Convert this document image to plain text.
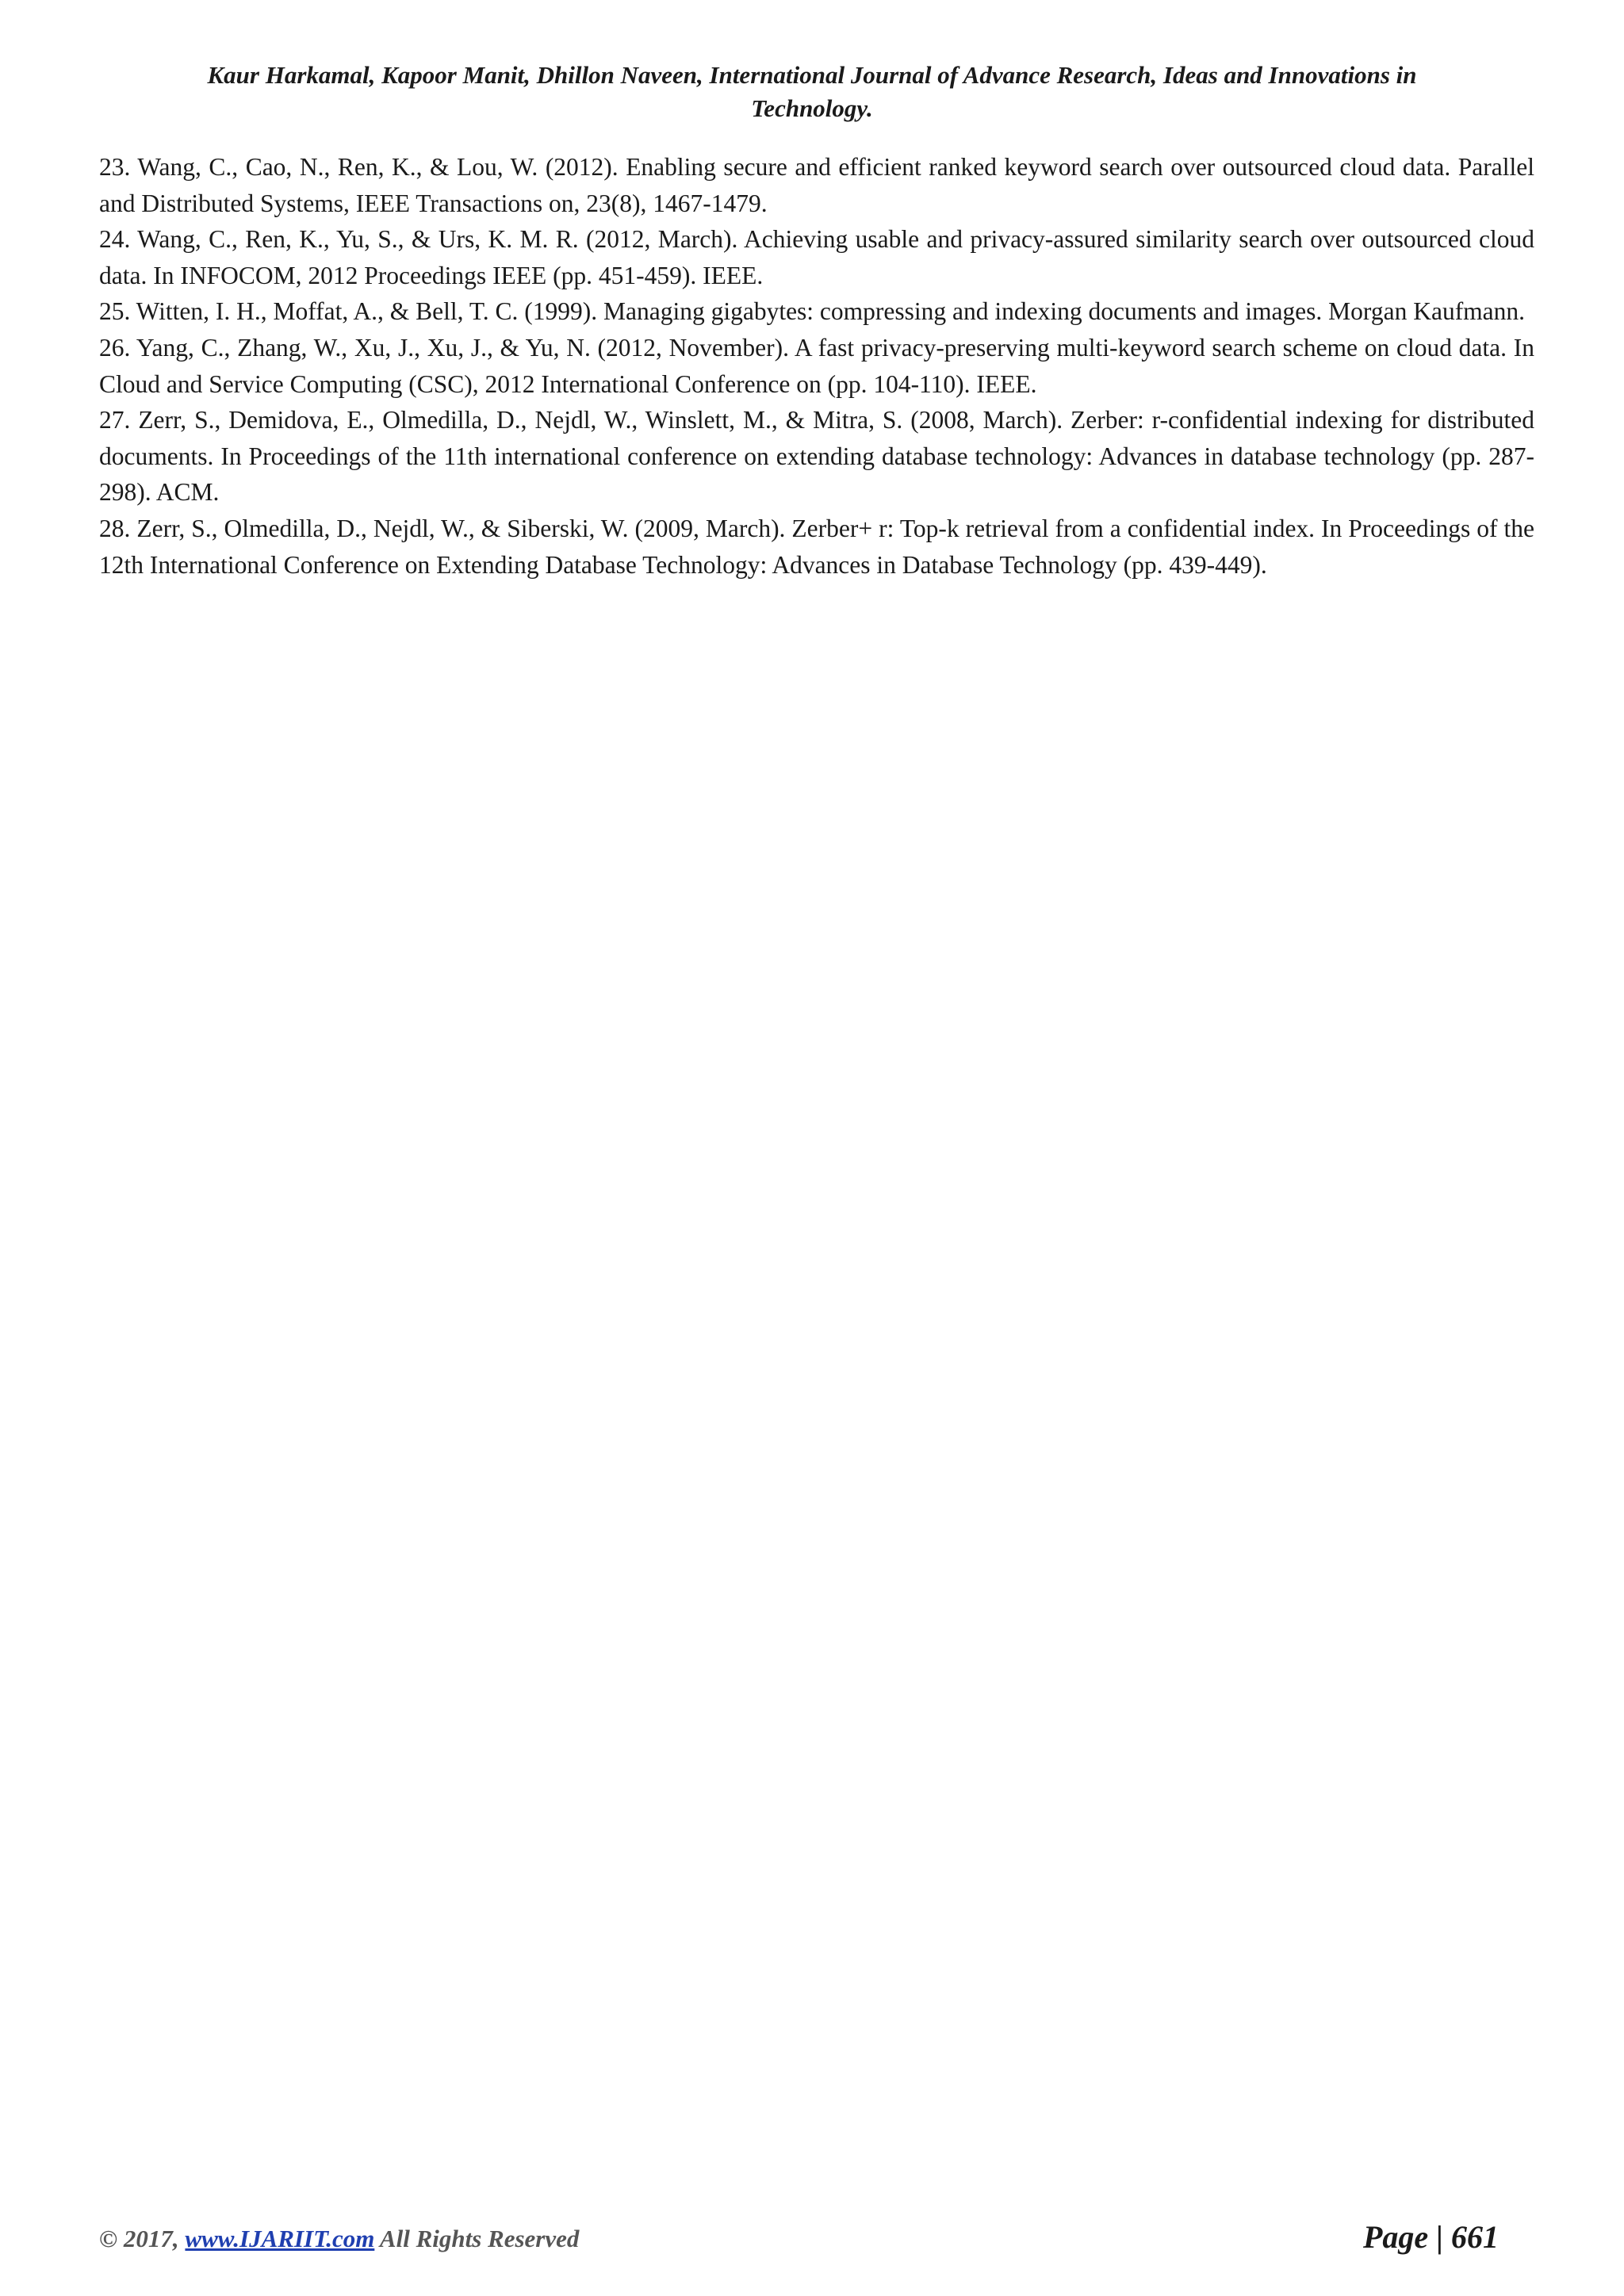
Kaur Harkamal, Kapoor Manit, Dhillon Naveen, International Journal of Advance Research, Ideas and Innovations in
Technology.

23. Wang, C., Cao, N., Ren, K., & Lou, W. (2012). Enabling secure and efficient ranked keyword search over outsourced cloud data. Parallel and Distributed Systems, IEEE Transactions on, 23(8), 1467-1479.

24. Wang, C., Ren, K., Yu, S., & Urs, K. M. R. (2012, March). Achieving usable and privacy-assured similarity search over outsourced cloud data. In INFOCOM, 2012 Proceedings IEEE (pp. 451-459). IEEE.

25. Witten, I. H., Moffat, A., & Bell, T. C. (1999). Managing gigabytes: compressing and indexing documents and images. Morgan Kaufmann.

26. Yang, C., Zhang, W., Xu, J., Xu, J., & Yu, N. (2012, November). A fast privacy-preserving multi-keyword search scheme on cloud data. In Cloud and Service Computing (CSC), 2012 International Conference on (pp. 104-110). IEEE.

27. Zerr, S., Demidova, E., Olmedilla, D., Nejdl, W., Winslett, M., & Mitra, S. (2008, March). Zerber: r-confidential indexing for distributed documents. In Proceedings of the 11th international conference on extending database technology: Advances in database technology (pp. 287-298). ACM.

28. Zerr, S., Olmedilla, D., Nejdl, W., & Siberski, W. (2009, March). Zerber+ r: Top-k retrieval from a confidential index. In Proceedings of the 12th International Conference on Extending Database Technology: Advances in Database Technology (pp. 439-449).

© 2017, www.IJARIIT.com All Rights Reserved	Page | 661
